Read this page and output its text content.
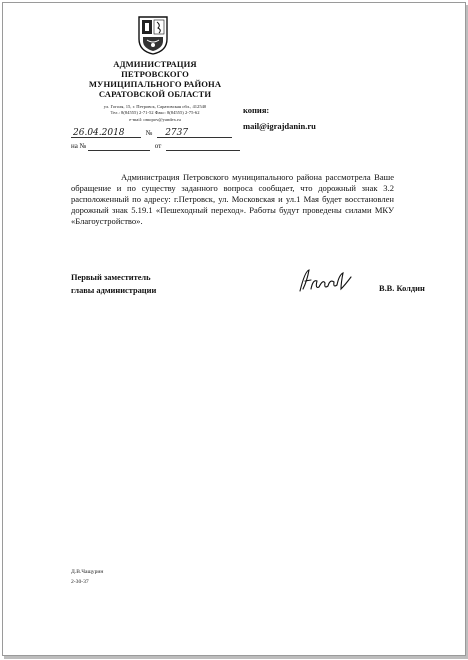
АДМИНИСТРАЦИЯ
ПЕТРОВСКОГО
МУНИЦИПАЛЬНОГО РАЙОНА
САРАТОВСКОЙ ОБЛАСТИ
ул. Гоголя, 15, г. Петровск, Саратовская обл., 412540
Тел.: 8(84555) 2-71-52 Факс: 8(84555) 2-75-62
e-mail: omopov@yandex.ru
копия:
mail@igrajdanin.ru
26.04.2018	№ 2737
на №	от
Администрация Петровского муниципального района рассмотрела Ваше обращение и по существу заданного вопроса сообщает, что дорожный знак 3.2 расположенный по адресу: г.Петровск, ул. Московская и ул.1 Мая будет восстановлен дорожный знак 5.19.1 «Пешеходный переход». Работы будут проведены силами МКУ «Благоустройство».
Первый заместитель
главы администрации	В.В. Колдин
Д.В.Чащурин
2-30-37
